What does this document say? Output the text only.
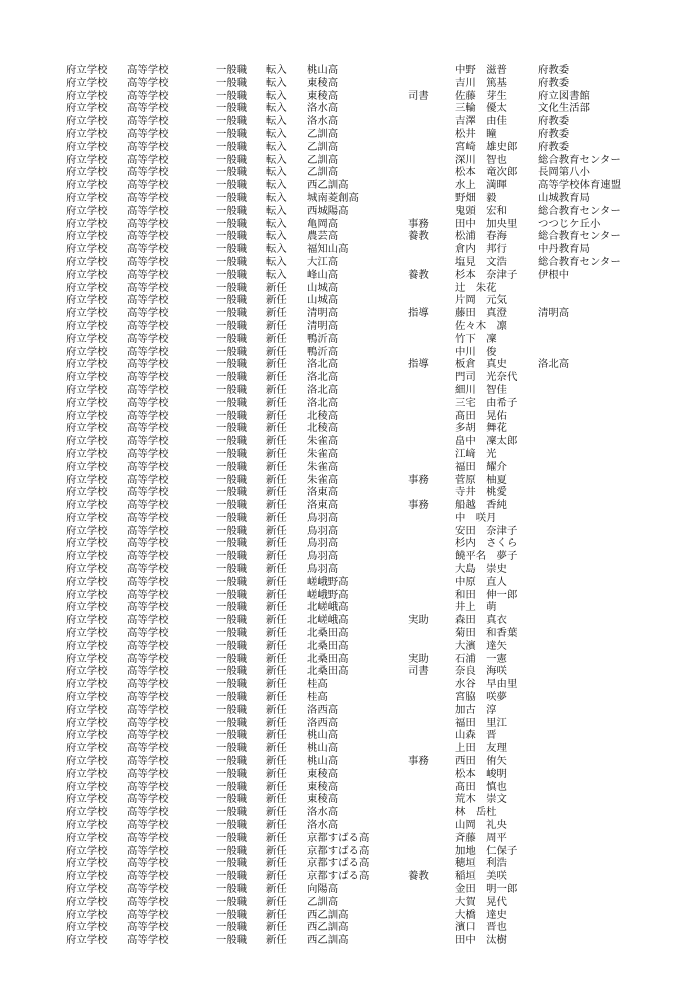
府立学校 高等学校	一般職 転入 桃山高	中野　滋普	府教委
府立学校 高等学校	一般職 転入 東稜高	吉川　篤基	府教委
府立学校 高等学校	一般職 転入 東稜高	司書	佐藤　芽生	府立図書館
府立学校 高等学校	一般職 転入 洛水高	三輪　優太	文化生活部
府立学校 高等学校	一般職 転入 洛水高	吉澤　由佳	府教委
府立学校 高等学校	一般職 転入 乙訓高	松井　瞳	府教委
府立学校 高等学校	一般職 転入 乙訓高	宮崎　雄史郎 府教委
府立学校 高等学校	一般職 転入 乙訓高	深川　智也	総合教育センター
府立学校 高等学校	一般職 転入 乙訓高	松本　竜次郎 長岡第八小
府立学校 高等学校	一般職 転入 西乙訓高	水上　満暉	高等学校体育連盟
府立学校 高等学校	一般職 転入 城南菱創高	野畑　毅	山城教育局
府立学校 高等学校	一般職 転入 西城陽高	鬼頭　宏和	総合教育センター
府立学校 高等学校	一般職 転入 亀岡高	事務	田中　加央里 つつじケ丘小
府立学校 高等学校	一般職 転入 農芸高	養教	松浦　春海	総合教育センター
府立学校 高等学校	一般職 転入 福知山高	倉内　邦行	中丹教育局
府立学校 高等学校	一般職 転入 大江高	塩見　文浩	総合教育センター
府立学校 高等学校	一般職 転入 峰山高	養教	杉本　奈津子 伊根中
府立学校 高等学校	一般職 新任 山城高	辻　朱花
府立学校 高等学校	一般職 新任 山城高	片岡　元気
府立学校 高等学校	一般職 新任 清明高	指導	藤田　真澄	清明高
府立学校 高等学校	一般職 新任 清明高	佐々木　凛
府立学校 高等学校	一般職 新任 鴨沂高	竹下　凜
府立学校 高等学校	一般職 新任 鴨沂高	中川　俊
府立学校 高等学校	一般職 新任 洛北高	指導	板倉　真史	洛北高
府立学校 高等学校	一般職 新任 洛北高	門司　光奈代
府立学校 高等学校	一般職 新任 洛北高	細川　智佳
府立学校 高等学校	一般職 新任 洛北高	三宅　由希子
府立学校 高等学校	一般職 新任 北稜高	髙田　晃佑
府立学校 高等学校	一般職 新任 北稜高	多胡　舞花
府立学校 高等学校	一般職 新任 朱雀高	畠中　凜太郎
府立学校 高等学校	一般職 新任 朱雀高	江﨑　光
府立学校 高等学校	一般職 新任 朱雀高	福田　耀介
府立学校 高等学校	一般職 新任 朱雀高	事務	菅原　柚夏
府立学校 高等学校	一般職 新任 洛東高	寺井　桃愛
府立学校 高等学校	一般職 新任 洛東高	事務	船越　香純
府立学校 高等学校	一般職 新任 鳥羽高	中　咲月
府立学校 高等学校	一般職 新任 鳥羽高	安田　奈津子
府立学校 高等学校	一般職 新任 鳥羽高	杉内　さくら
府立学校 高等学校	一般職 新任 鳥羽高	饒平名　夢子
府立学校 高等学校	一般職 新任 鳥羽高	大島　崇史
府立学校 高等学校	一般職 新任 嵯峨野高	中原　直人
府立学校 高等学校	一般職 新任 嵯峨野高	和田　伸一郎
府立学校 高等学校	一般職 新任 北嵯峨高	井上　萌
府立学校 高等学校	一般職 新任 北嵯峨高	実助	森田　真衣
府立学校 高等学校	一般職 新任 北桑田高	菊田　和香葉
府立学校 高等学校	一般職 新任 北桑田高	大濱　達矢
府立学校 高等学校	一般職 新任 北桑田高	実助	石浦　一憲
府立学校 高等学校	一般職 新任 北桑田高	司書	奈良　海咲
府立学校 高等学校	一般職 新任 桂高	水谷　早由里
府立学校 高等学校	一般職 新任 桂高	宮脇　咲夢
府立学校 高等学校	一般職 新任 洛西高	加古　淳
府立学校 高等学校	一般職 新任 洛西高	福田　里江
府立学校 高等学校	一般職 新任 桃山高	山森　晋
府立学校 高等学校	一般職 新任 桃山高	上田　友理
府立学校 高等学校	一般職 新任 桃山高	事務	西田　侑矢
府立学校 高等学校	一般職 新任 東稜高	松本　峻明
府立学校 高等学校	一般職 新任 東稜高	髙田　慎也
府立学校 高等学校	一般職 新任 東稜高	荒木　崇文
府立学校 高等学校	一般職 新任 洛水高	林　岳杜
府立学校 高等学校	一般職 新任 洛水高	山岡　礼央
府立学校 高等学校	一般職 新任 京都すばる高	斉藤　周平
府立学校 高等学校	一般職 新任 京都すばる高	加地　仁保子
府立学校 高等学校	一般職 新任 京都すばる高	穂垣　利浩
府立学校 高等学校	一般職 新任 京都すばる高	養教	稲垣　美咲
府立学校 高等学校	一般職 新任 向陽高	金田　明一郎
府立学校 高等学校	一般職 新任 乙訓高	大賀　晃代
府立学校 高等学校	一般職 新任 西乙訓高	大橋　達史
府立学校 高等学校	一般職 新任 西乙訓高	濱口　晋也
府立学校 高等学校	一般職 新任 西乙訓高	田中　汰樹
